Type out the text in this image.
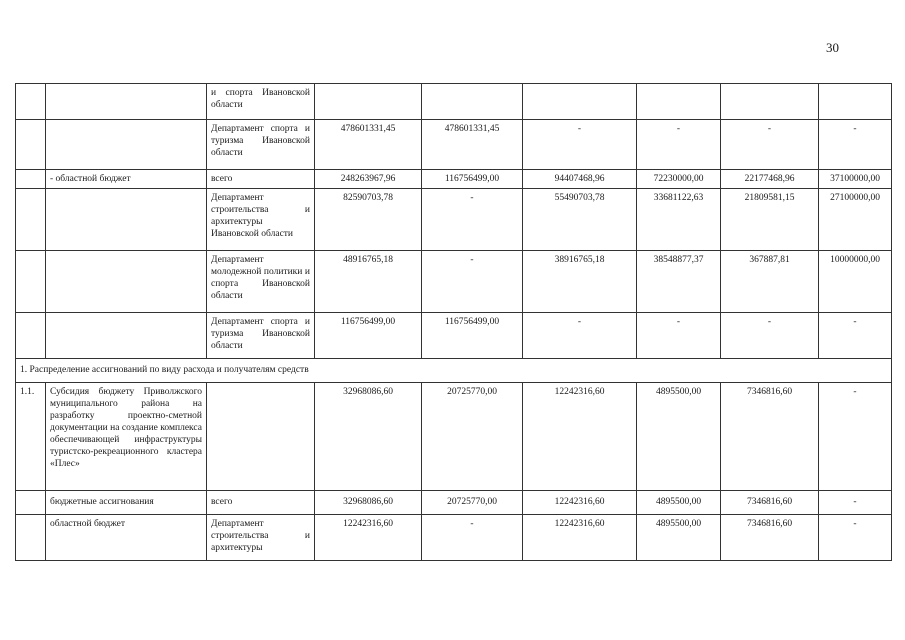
30
		и спорта Ивановской области						
		Департамент спорта и туризма Ивановской области	478601331,45	478601331,45	-	-	-	-
	- областной бюджет	всего	248263967,96	116756499,00	94407468,96	72230000,00	22177468,96	37100000,00
		Департамент строительства и архитектуры Ивановской области	82590703,78	-	55490703,78	33681122,63	21809581,15	27100000,00
		Департамент молодежной политики и спорта Ивановской области	48916765,18	-	38916765,18	38548877,37	367887,81	10000000,00
		Департамент спорта и туризма Ивановской области	116756499,00	116756499,00	-	-	-	-
1. Распределение ассигнований по виду расхода и получателям средств								
1.1.	Субсидия бюджету Приволжского муниципального района на разработку проектно-сметной документации на создание комплекса обеспечивающей инфраструктуры туристско-рекреационного кластера «Плес»		32968086,60	20725770,00	12242316,60	4895500,00	7346816,60	-
	бюджетные ассигнования	всего	32968086,60	20725770,00	12242316,60	4895500,00	7346816,60	-
	областной бюджет	Департамент строительства и архитектуры	12242316,60	-	12242316,60	4895500,00	7346816,60	-
